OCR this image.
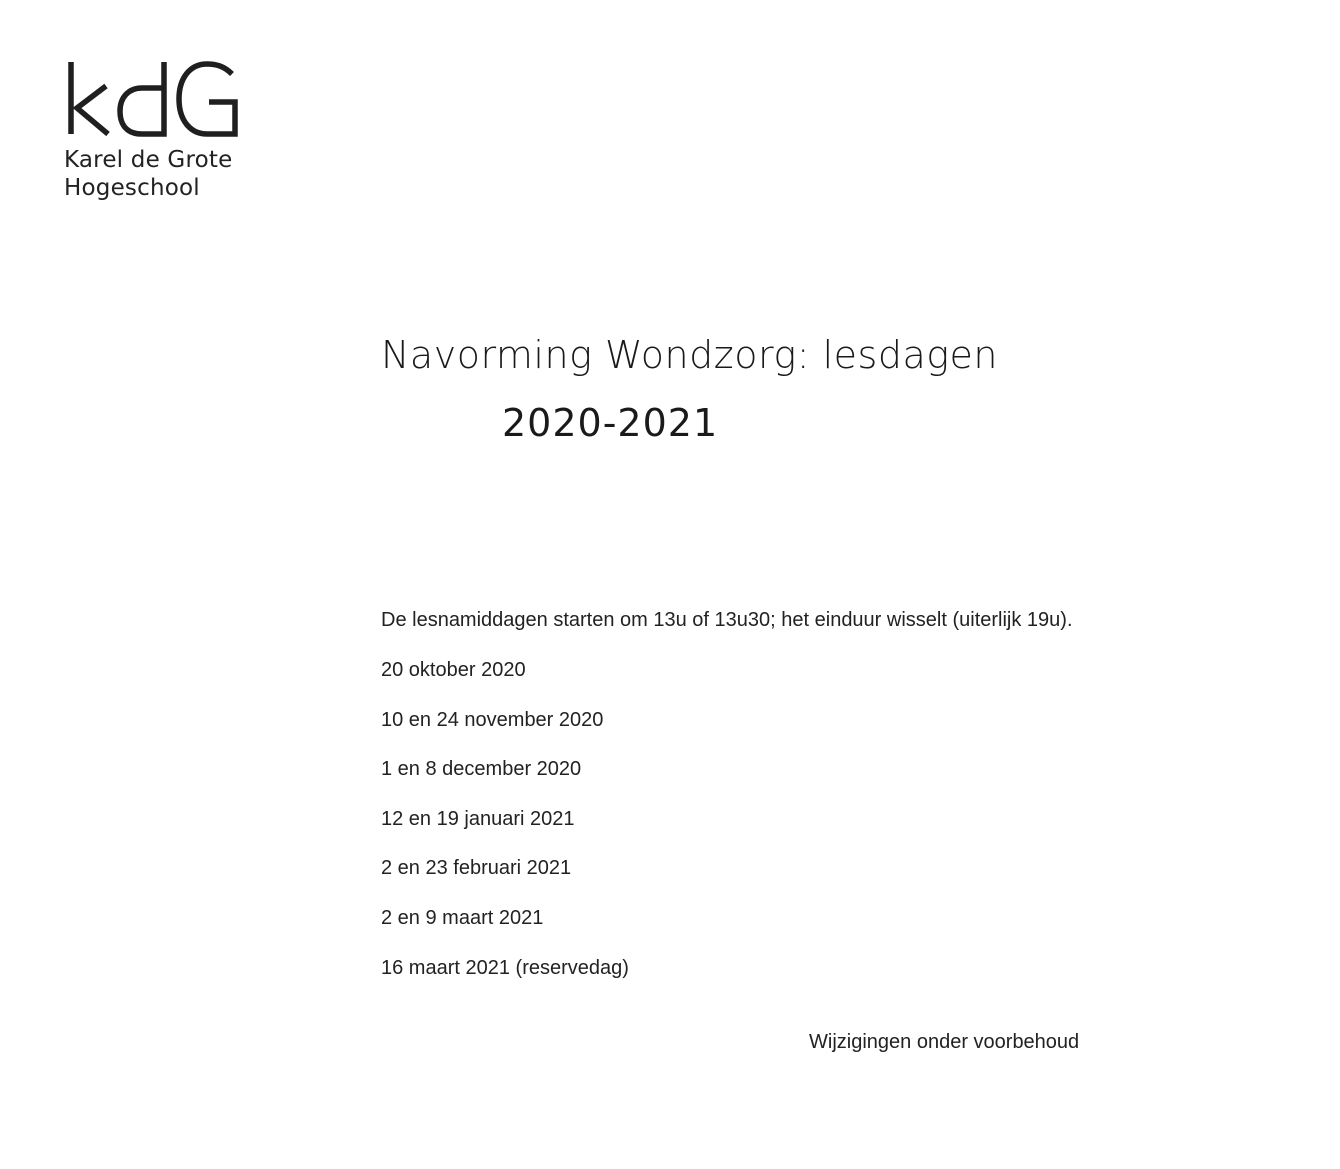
Karel de Grote
Hogeschool
Navorming Wondzorg: lesdagen
2020-2021
De lesnamiddagen starten om 13u of 13u30; het einduur wisselt (uiterlijk 19u).
20 oktober 2020
10 en 24 november 2020
1 en 8 december 2020
12 en 19 januari 2021
2 en 23 februari 2021
2 en 9 maart 2021
16 maart 2021 (reservedag)
Wijzigingen onder voorbehoud
